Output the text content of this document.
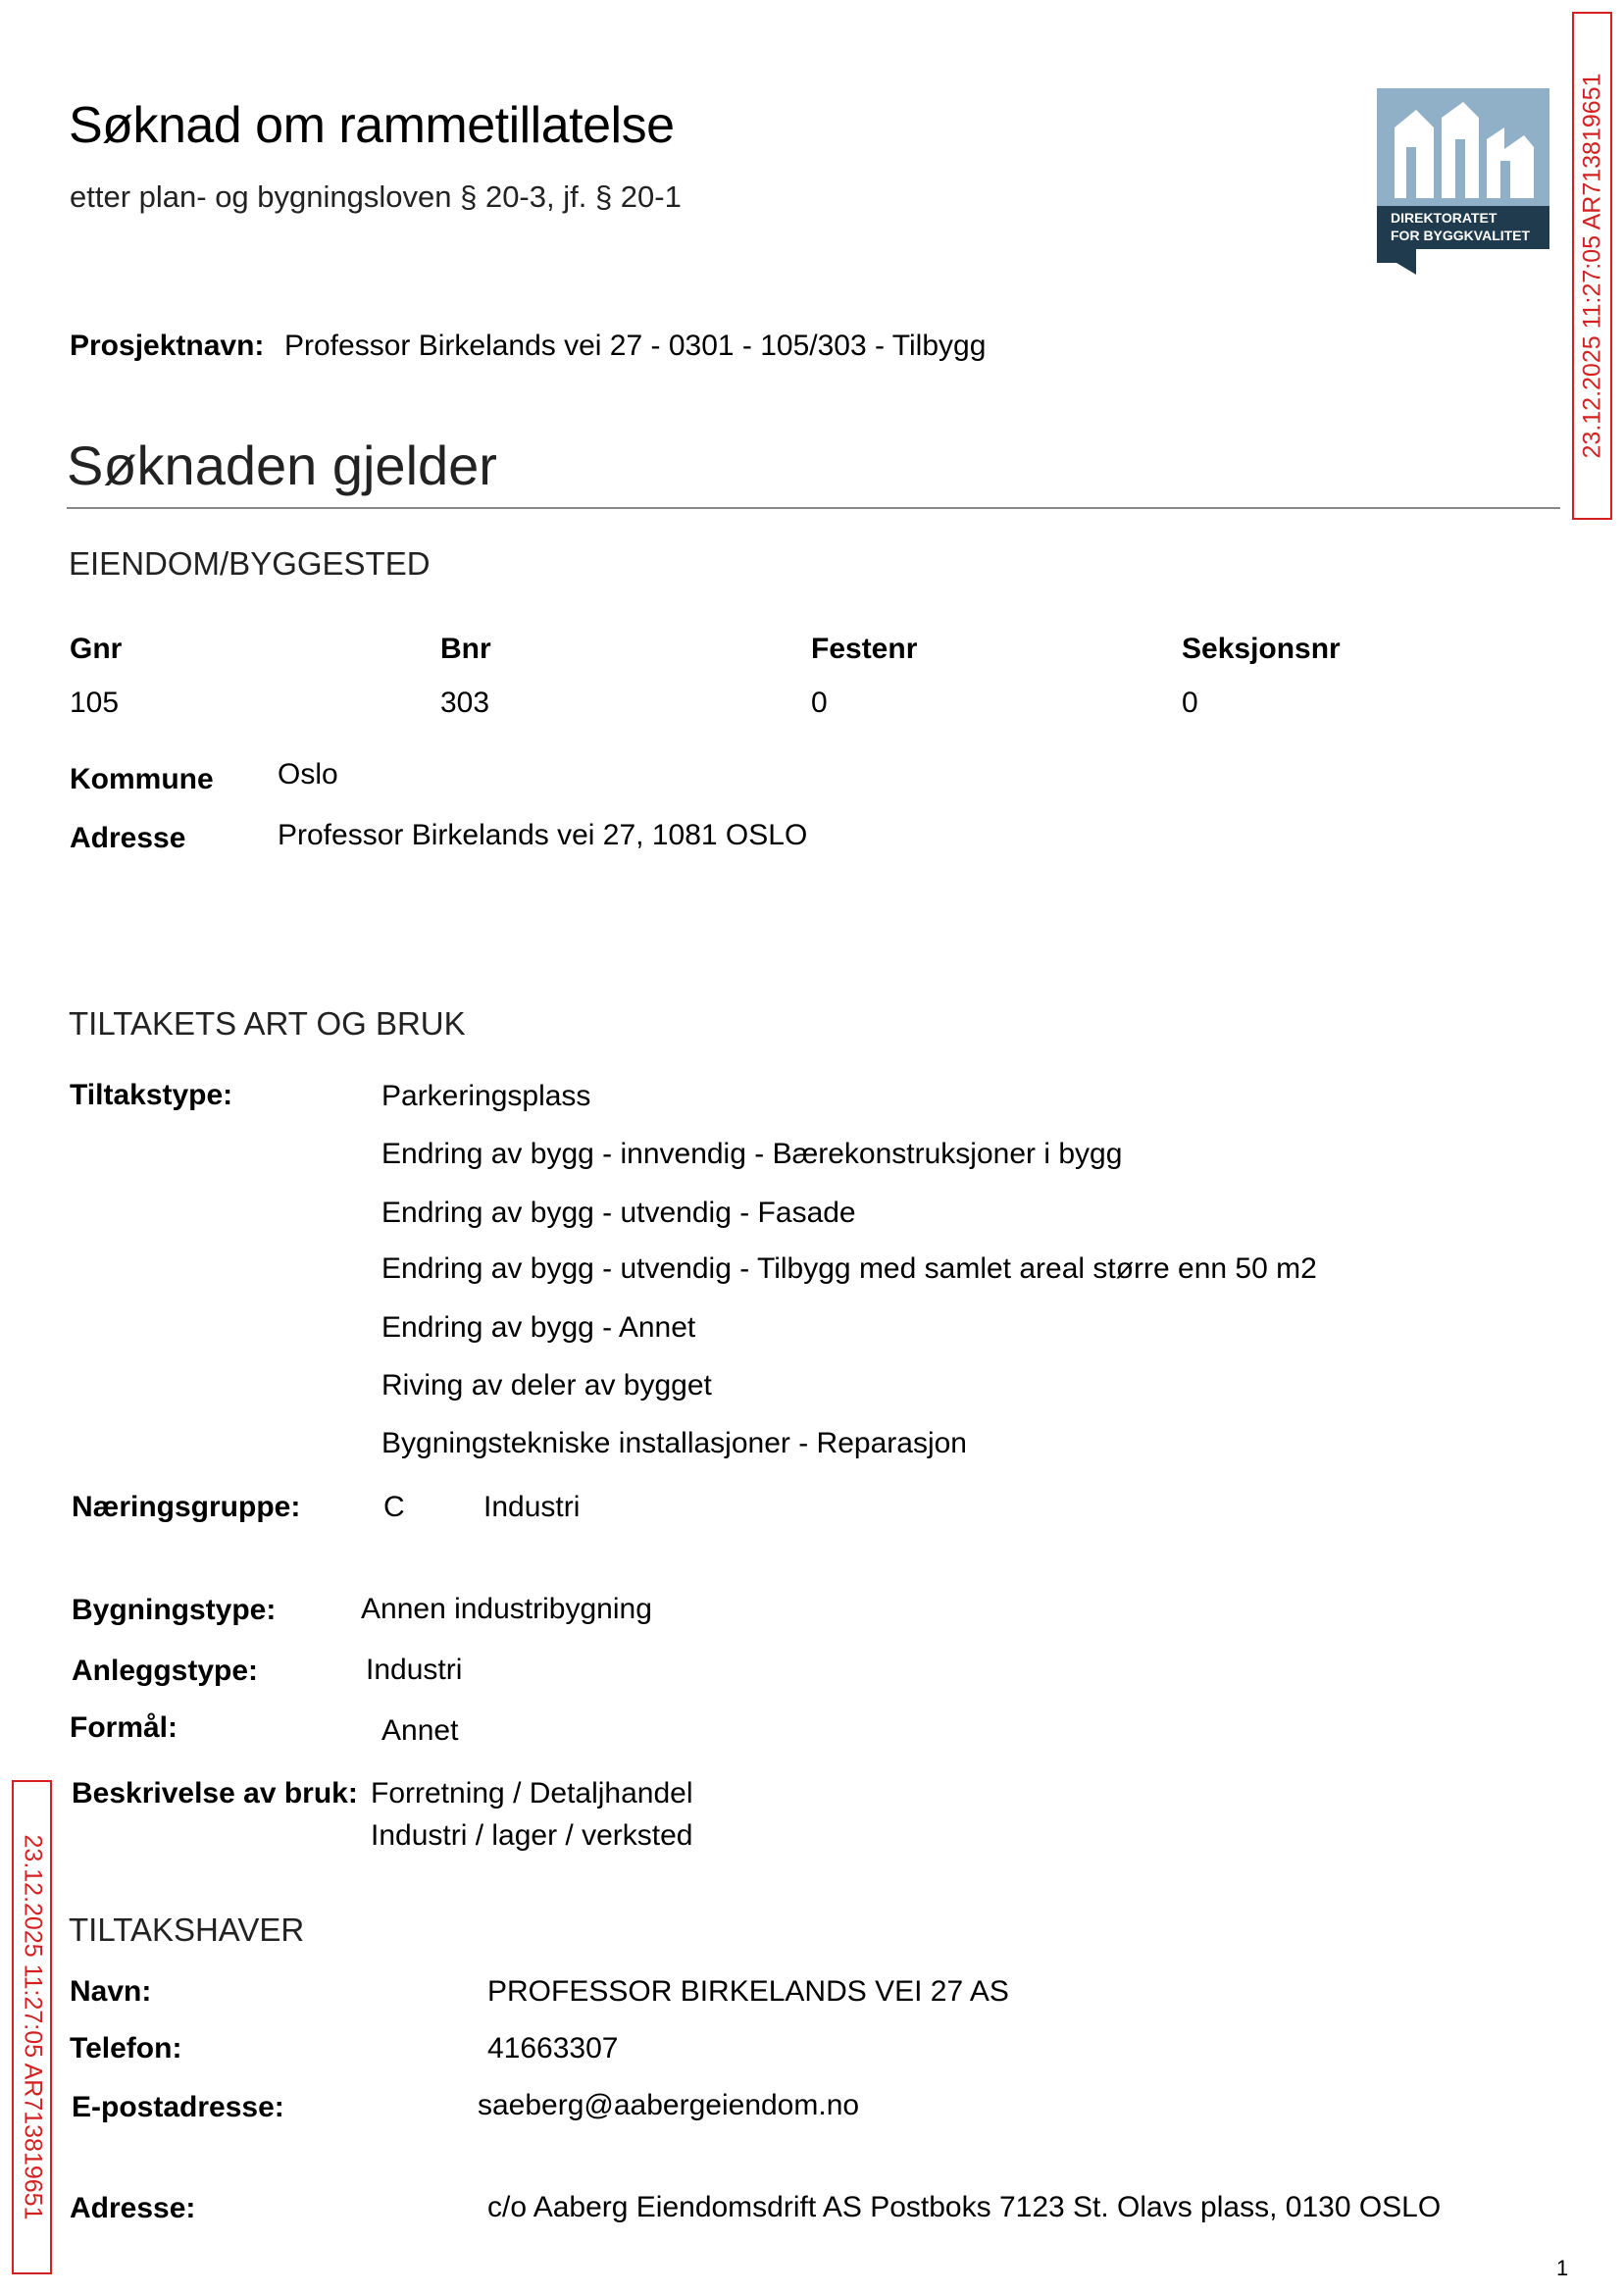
Søknad om rammetillatelse
etter plan- og bygningsloven § 20-3, jf. § 20-1
DIREKTORATET
FOR BYGGKVALITET 23.12.2025 11:27:05 AR713819651
23.12.2025 11:27:05 AR713819651
Prosjektnavn: Professor Birkelands vei 27 - 0301 - 105/303 - Tilbygg
Søknaden gjelder
EIENDOM/BYGGESTED
Gnr	Bnr	Festenr	Seksjonsnr
105	303	0	0
Kommune Oslo
Adresse	Professor Birkelands vei 27, 1081 OSLO
TILTAKETS ART OG BRUK
Tiltakstype:	Parkeringsplass
Endring av bygg - innvendig - Bærekonstruksjoner i bygg
Endring av bygg - utvendig - Fasade
Endring av bygg - utvendig - Tilbygg med samlet areal større enn 50 m2
Endring av bygg - Annet
Riving av deler av bygget
Bygningstekniske installasjoner - Reparasjon
Næringsgruppe:	C	Industri
Bygningstype:	Annen industribygning
Anleggstype:	Industri
Formål:	Annet
Beskrivelse av bruk: Forretning / Detaljhandel
Industri / lager / verksted
TILTAKSHAVER
Navn:	PROFESSOR BIRKELANDS VEI 27 AS
Telefon:	41663307
E-postadresse:	saeberg@aabergeiendom.no
Adresse:	c/o Aaberg Eiendomsdrift AS Postboks 7123 St. Olavs plass, 0130 OSLO
1
